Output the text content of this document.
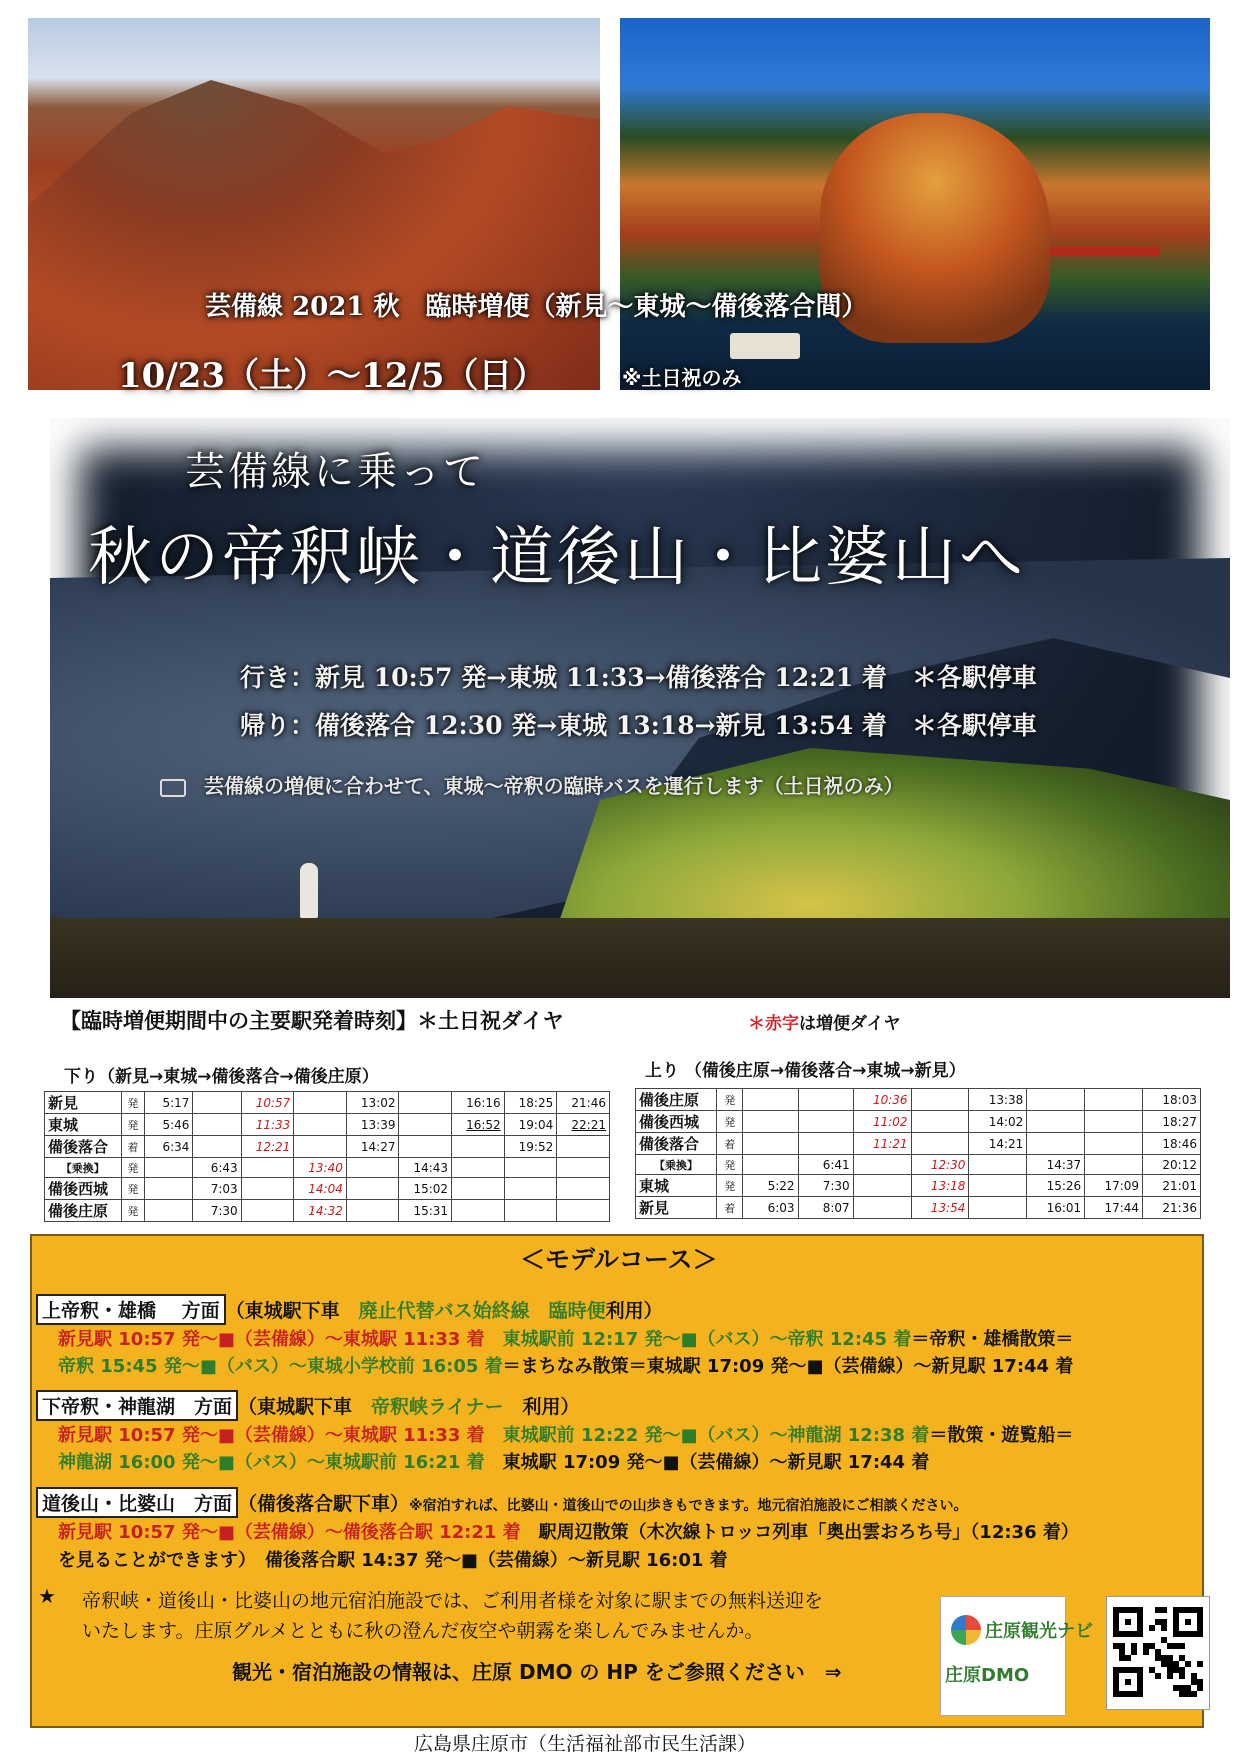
芸備線 2021 秋　臨時増便（新見～東城～備後落合間）
10/23（土）～12/5（日）	※土日祝のみ
芸備線に乗って
秋の帝釈峡・道後山・比婆山へ
行き：新見 10:57 発→東城 11:33→備後落合 12:21 着　＊各駅停車
帰り：備後落合 12:30 発→東城 13:18→新見 13:54 着　＊各駅停車
芸備線の増便に合わせて、東城～帝釈の臨時バスを運行します（土日祝のみ）
【臨時増便期間中の主要駅発着時刻】＊土日祝ダイヤ	＊赤字は増便ダイヤ
下り（新見→東城→備後落合→備後庄原）	上り （備後庄原→備後落合→東城→新見）
新見	発	5:17		10:57		13:02		16:16	18:25	21:46
東城	発	5:46		11:33		13:39		16:52	19:04	22:21
備後落合	着	6:34		12:21		14:27			19:52	
【乗換】	発		6:43		13:40		14:43			
備後西城	発		7:03		14:04		15:02			
備後庄原	発		7:30		14:32		15:31			
備後庄原	発			10:36		13:38			18:03
備後西城	発			11:02		14:02			18:27
備後落合	着			11:21		14:21			18:46
【乗換】	発		6:41		12:30		14:37		20:12
東城	発	5:22	7:30		13:18		15:26	17:09	21:01
新見	着	6:03	8:07		13:54		16:01	17:44	21:36
＜モデルコース＞
上帝釈・雄橋　 方面 （東城駅下車　廃止代替バス始終線　臨時便利用）
新見駅 10:57 発～■（芸備線）～東城駅 11:33 着　 東城駅前 12:17 発～■（バス）～帝釈 12:45 着＝帝釈・雄橋散策＝
帝釈 15:45 発～■（バス）～東城小学校前 16:05 着＝まちなみ散策＝東城駅 17:09 発～■（芸備線）～新見駅 17:44 着
下帝釈・神龍湖　方面 （東城駅下車　帝釈峡ライナー　利用）
新見駅 10:57 発～■（芸備線）～東城駅 11:33 着　 東城駅前 12:22 発～■（バス）～神龍湖 12:38 着＝散策・遊覧船＝
神龍湖 16:00 発～■（バス）～東城駅前 16:21 着　 東城駅 17:09 発～■（芸備線）～新見駅 17:44 着
道後山・比婆山　方面 （備後落合駅下車）※宿泊すれば、比婆山・道後山での山歩きもできます。地元宿泊施設にご相談ください。
新見駅 10:57 発～■（芸備線）～備後落合駅 12:21 着　 駅周辺散策（木次線トロッコ列車「奥出雲おろち号」（12:36 着）
を見ることができます）　備後落合駅 14:37 発～■（芸備線）～新見駅 16:01 着
★ 帝釈峡・道後山・比婆山の地元宿泊施設では、ご利用者様を対象に駅までの無料送迎を
いたします。庄原グルメとともに秋の澄んだ夜空や朝霧を楽しんでみませんか。
観光・宿泊施設の情報は、庄原 DMO の HP をご参照ください　⇒
庄原観光ナビ
庄原DMO
広島県庄原市（生活福祉部市民生活課）
